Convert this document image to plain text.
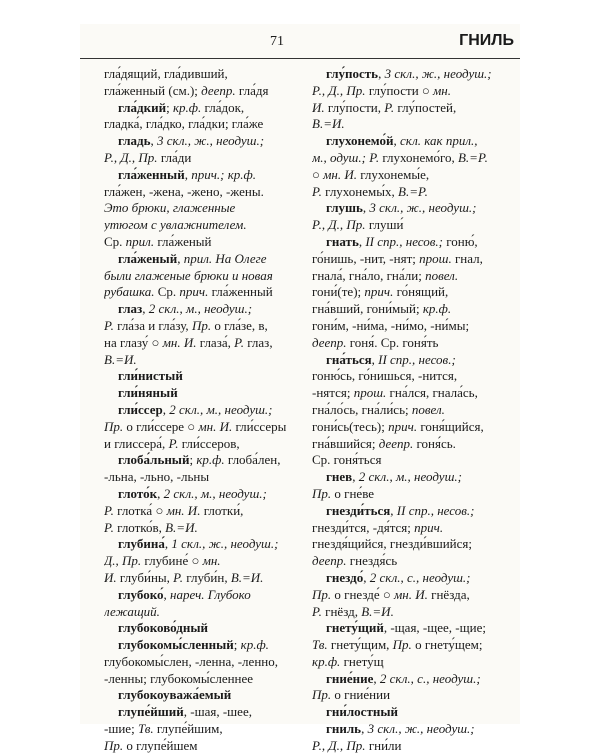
71	ГНИЛЬ
гла́дящий, гла́дивший,
гла́женный (см.); деепр. гла́дя
гла́дкий; кр.ф. гла́док,
гладка́, гла́дко, гла́дки; гла́же
гладь, 3 скл., ж., неодуш.;
Р., Д., Пр. гла́ди
гла́женный, прич.; кр.ф.
гла́жен, -жена, -жено, -жены.
Это брюки, глаженные
утюгом с увлажнителем.
Ср. прил. гла́женый
гла́женый, прил. На Олеге
были глаженые брюки и новая
рубашка. Ср. прич. гла́женный
глаз, 2 скл., м., неодуш.;
Р. гла́за и гла́зу, Пр. о гла́зе, в,
на глазу́ ○ мн. И. глаза́, Р. глаз,
В.=И.
гли́нистый
гли́няный
гли́ссер, 2 скл., м., неодуш.;
Пр. о гли́ссере ○ мн. И. гли́ссеры
и глиссера́, Р. гли́ссеров,
глоба́льный; кр.ф. глоба́лен,
-льна, -льно, -льны
глото́к, 2 скл., м., неодуш.;
Р. глотка́ ○ мн. И. глотки́,
Р. глотко́в, В.=И.
глубина́, 1 скл., ж., неодуш.;
Д., Пр. глубине́ ○ мн.
И. глуби́ны, Р. глуби́н, В.=И.
глубоко́, нареч. Глубоко
лежащий.
глубоково́дный
глубокомы́сленный; кр.ф.
глубокомы́слен, -ленна, -ленно,
-ленны; глубокомы́сленнее
глубокоуважа́емый
глупе́йший, -шая, -шее,
-шие; Тв. глупе́йшим,
Пр. о глупе́йшем
глу́пость, 3 скл., ж., неодуш.;
Р., Д., Пр. глу́пости ○ мн.
И. глу́пости, Р. глу́постей,
В.=И.
глухонемо́й, скл. как прил.,
м., одуш.; Р. глухонемо́го, В.=Р.
○ мн. И. глухонемы́е,
Р. глухонемы́х, В.=Р.
глушь, 3 скл., ж., неодуш.;
Р., Д., Пр. глуши́
гнать, II спр., несов.; гоню́,
го́нишь, -нит, -нят; прош. гнал,
гнала́, гна́ло, гна́ли; повел.
гони́(те); прич. го́нящий,
гна́вший, гони́мый; кр.ф.
гони́м, -ни́ма, -ни́мо, -ни́мы;
деепр. гоня́. Ср. гоня́ть
гна́ться, II спр., несов.;
гоню́сь, го́нишься, -нится,
-нятся; прош. гна́лся, гнала́сь,
гна́ло́сь, гна́ли́сь; повел.
гони́сь(тесь); прич. гоня́щийся,
гна́вшийся; деепр. гоня́сь.
Ср. гоня́ться
гнев, 2 скл., м., неодуш.;
Пр. о гне́ве
гнезди́ться, II спр., несов.;
гнезди́тся, -дя́тся; прич.
гнездя́щийся, гнезди́вшийся;
деепр. гнездя́сь
гнездо́, 2 скл., с., неодуш.;
Пр. о гнезде́ ○ мн. И. гнёзда,
Р. гнёзд, В.=И.
гнету́щий, -щая, -щее, -щие;
Тв. гнету́щим, Пр. о гнету́щем;
кр.ф. гнету́щ
гние́ние, 2 скл., с., неодуш.;
Пр. о гние́нии
гни́лостный
гниль, 3 скл., ж., неодуш.;
Р., Д., Пр. гни́ли
